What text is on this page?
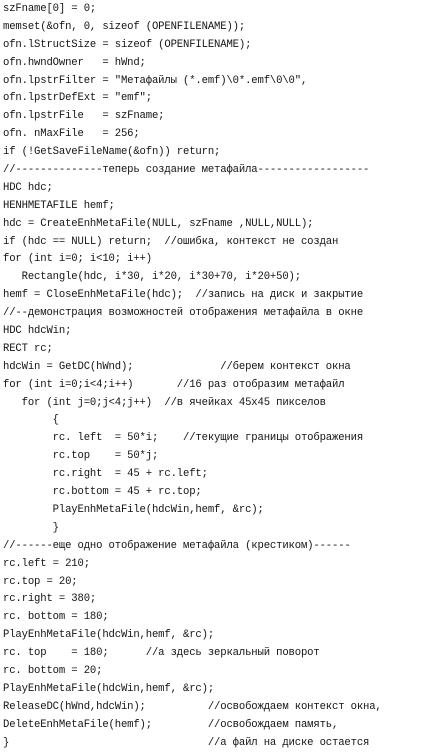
szFname[0] = 0;
memset(&ofn, 0, sizeof (OPENFILENAME));
ofn.lStructSize = sizeof (OPENFILENAME);
ofn.hwndOwner   = hWnd;
ofn.lpstrFilter = "Метафайлы (*.emf)\0*.emf\0\0",
ofn.lpstrDefExt = "emf";
ofn.lpstrFile   = szFname;
ofn. nMaxFile   = 256;
if (!GetSaveFileName(&ofn)) return;
//--------------теперь создание метафайла------------------
HDC hdc;
HENHMETAFILE hemf;
hdc = CreateEnhMetaFile(NULL, szFname ,NULL,NULL);
if (hdc == NULL) return;  //ошибка, контекст не создан
for (int i=0; i<10; i++)
Rectangle(hdc, i*30, i*20, i*30+70, i*20+50);
hemf = CloseEnhMetaFile(hdc);  //запись на диск и закрытие
//--демонстрация возможностей отображения метафайла в окне
HDC hdcWin;
RECT rc;
hdcWin = GetDC(hWnd);              //берем контекст окна
for (int i=0;i<4;i++)       //16 раз отобразим метафайл
for (int j=0;j<4;j++)  //в ячейках 45x45 пикселов
{
rc. left  = 50*i;    //текущие границы отображения
rc.top    = 50*j;
rc.right  = 45 + rc.left;
rc.bottom = 45 + rc.top;
PlayEnhMetaFile(hdcWin,hemf, &rc);
}
//------еще одно отображение метафайла (крестиком)------
rc.left = 210;
rc.top = 20;
rc.right = 380;
rc. bottom = 180;
PlayEnhMetaFile(hdcWin,hemf, &rc);
rc. top    = 180;      //а здесь зеркальный поворот
rc. bottom = 20;
PlayEnhMetaFile(hdcWin,hemf, &rc);
ReleaseDC(hWnd,hdcWin);          //освобождаем контекст окна,
DeleteEnhMetaFile(hemf);         //освобождаем память,
}                                //а файл на диске остается
